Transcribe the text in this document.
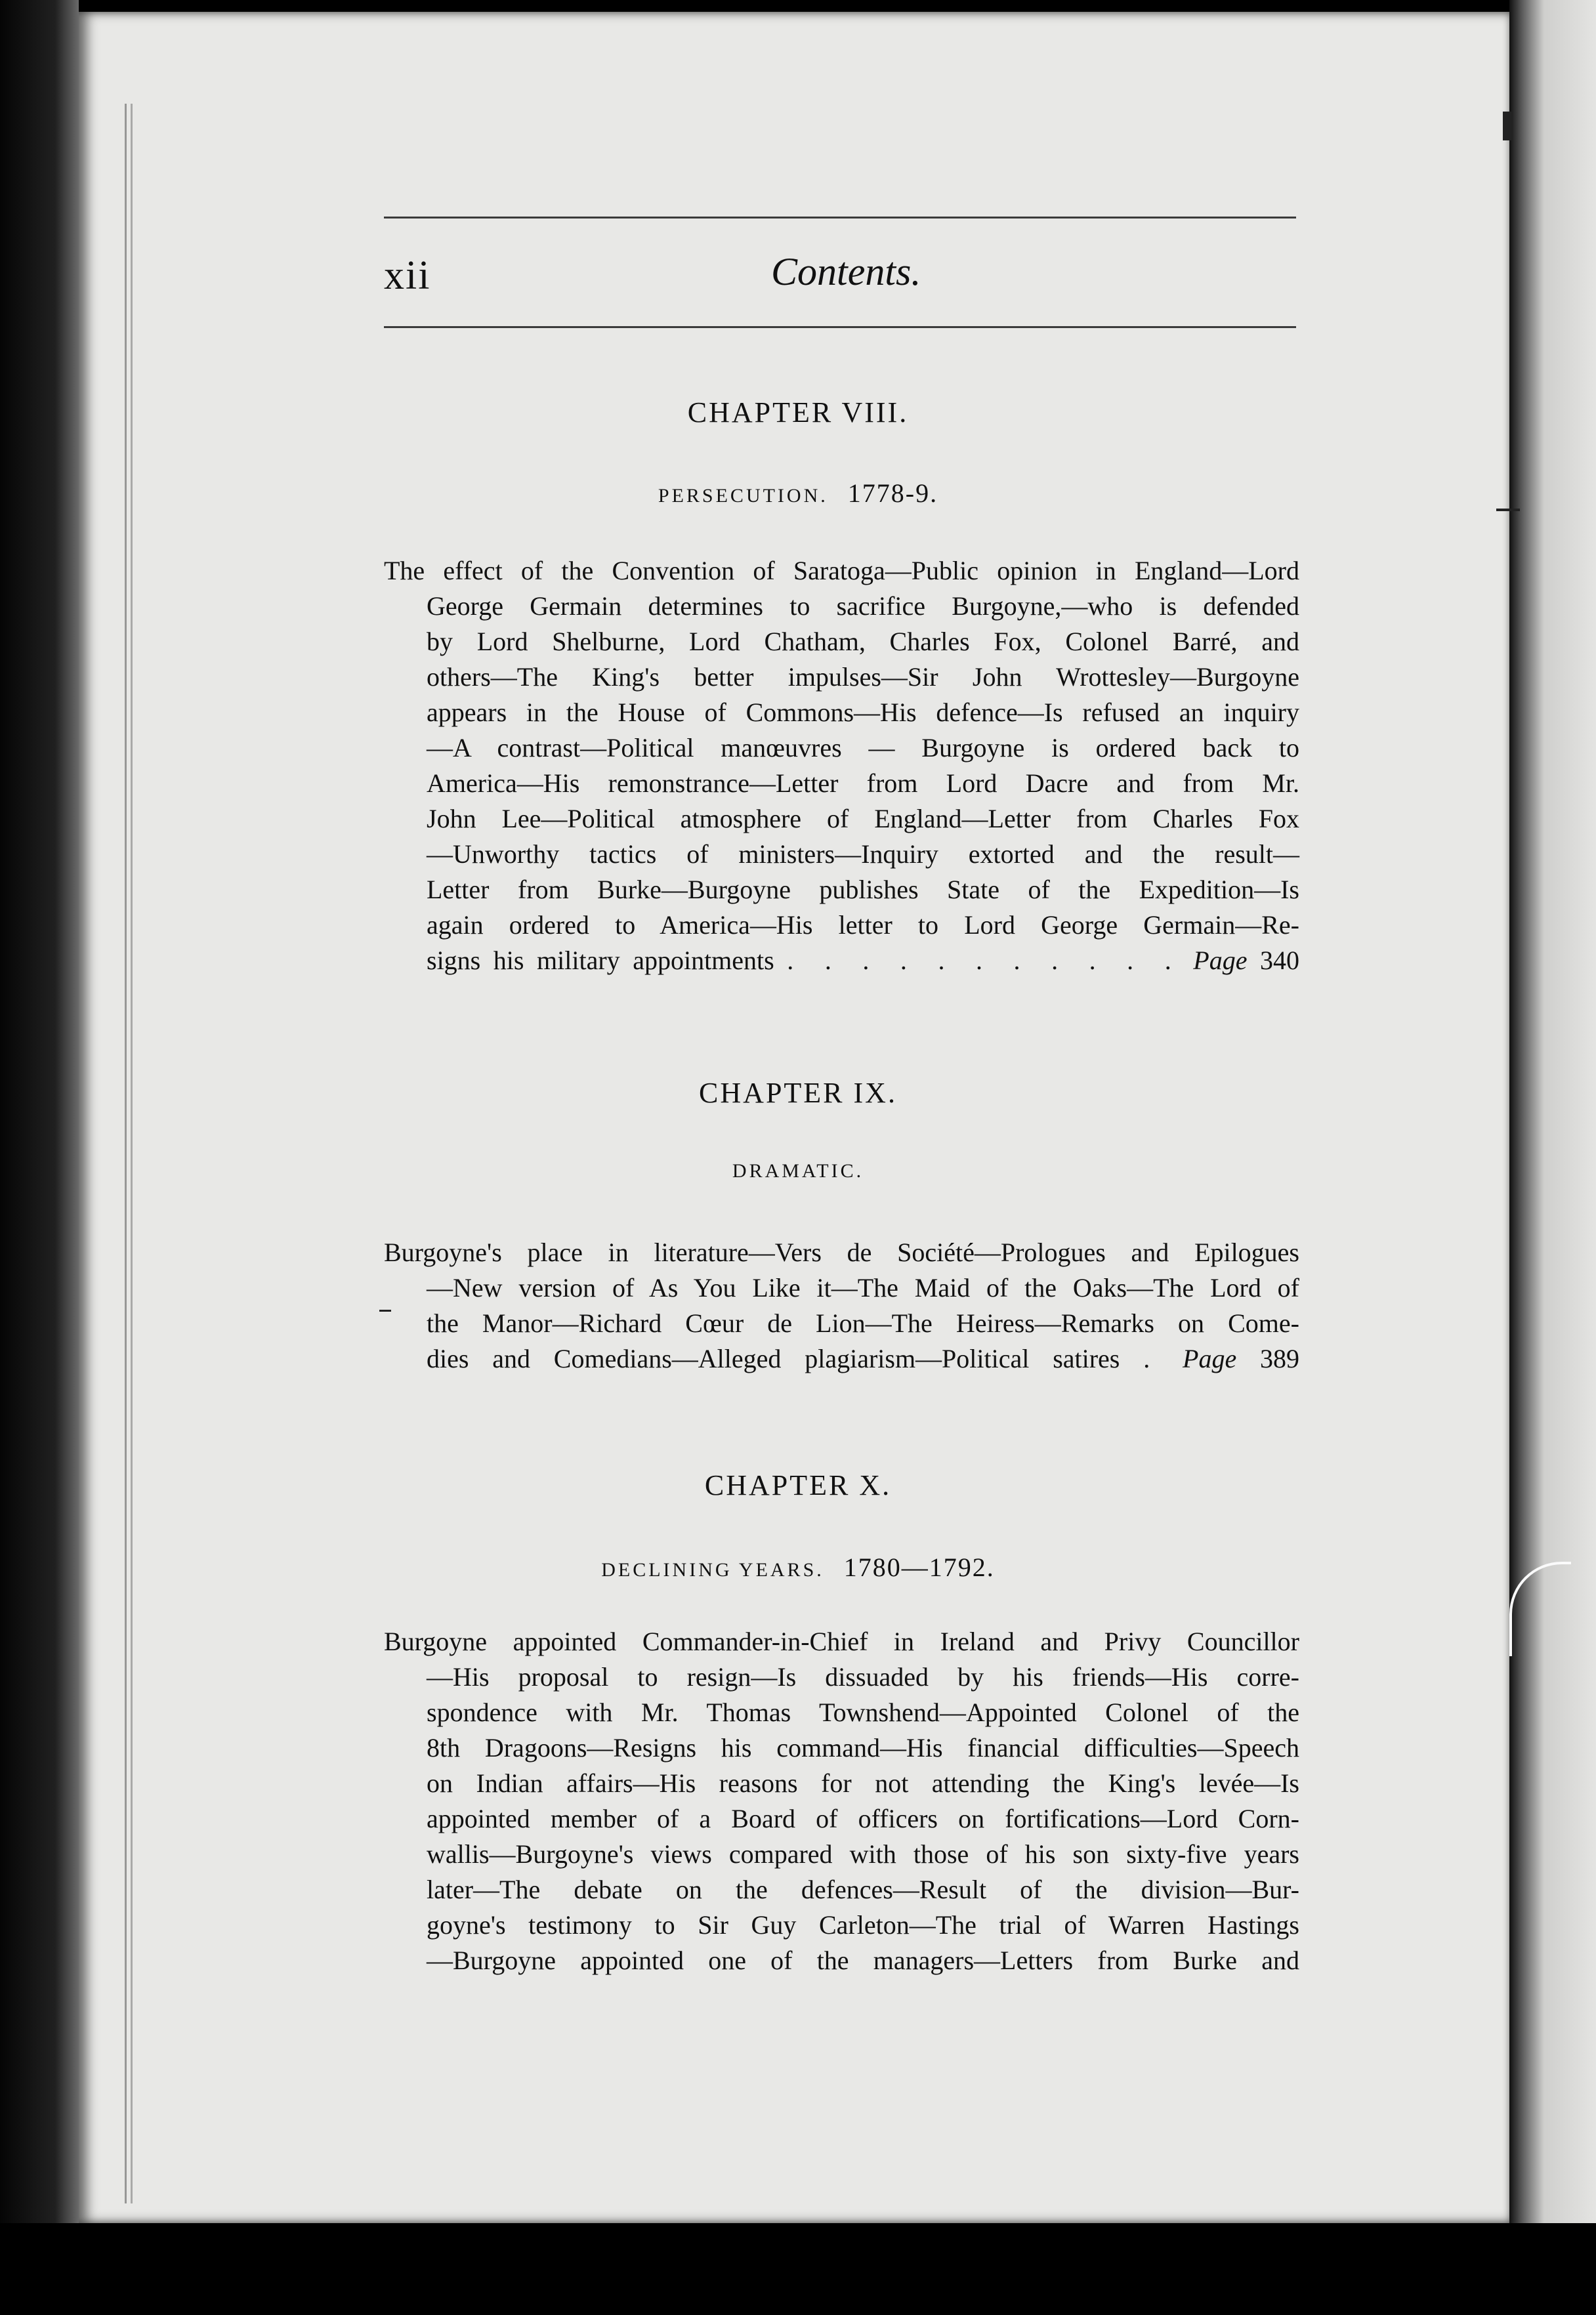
xii	Contents.
CHAPTER VIII.
PERSECUTION. 1778-9.
The effect of the Convention of Saratoga—Public opinion in England—Lord
George Germain determines to sacrifice Burgoyne,—who is defended
by Lord Shelburne, Lord Chatham, Charles Fox, Colonel Barré, and
others—The King's better impulses—Sir John Wrottesley—Burgoyne
appears in the House of Commons—His defence—Is refused an inquiry
—A contrast—Political manœuvres — Burgoyne is ordered back to
America—His remonstrance—Letter from Lord Dacre and from Mr.
John Lee—Political atmosphere of England—Letter from Charles Fox
—Unworthy tactics of ministers—Inquiry extorted and the result—
Letter from Burke—Burgoyne publishes State of the Expedition—Is
again ordered to America—His letter to Lord George Germain—Re-
signs his military appointments . . . . . . . . . . . Page 340
CHAPTER IX.
DRAMATIC.
Burgoyne's place in literature—Vers de Société—Prologues and Epilogues
—New version of As You Like it—The Maid of the Oaks—The Lord of
the Manor—Richard Cœur de Lion—The Heiress—Remarks on Come-
dies and Comedians—Alleged plagiarism—Political satires . Page 389
CHAPTER X.
DECLINING YEARS. 1780—1792.
Burgoyne appointed Commander-in-Chief in Ireland and Privy Councillor
—His proposal to resign—Is dissuaded by his friends—His corre-
spondence with Mr. Thomas Townshend—Appointed Colonel of the
8th Dragoons—Resigns his command—His financial difficulties—Speech
on Indian affairs—His reasons for not attending the King's levée—Is
appointed member of a Board of officers on fortifications—Lord Corn-
wallis—Burgoyne's views compared with those of his son sixty-five years
later—The debate on the defences—Result of the division—Bur-
goyne's testimony to Sir Guy Carleton—The trial of Warren Hastings
—Burgoyne appointed one of the managers—Letters from Burke and
